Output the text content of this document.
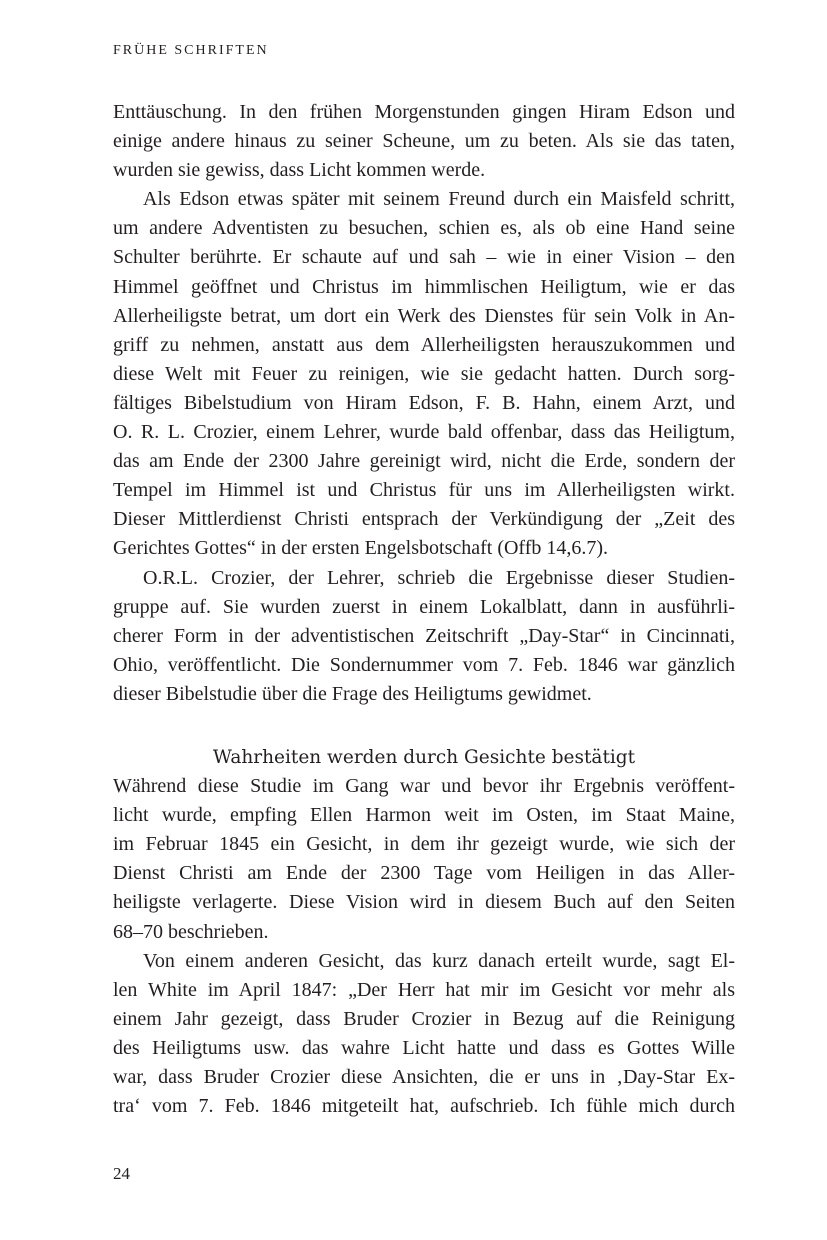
FRÜHE SCHRIFTEN
Enttäuschung. In den frühen Morgenstunden gingen Hiram Edson und
einige andere hinaus zu seiner Scheune, um zu beten. Als sie das taten,
wurden sie gewiss, dass Licht kommen werde.
Als Edson etwas später mit seinem Freund durch ein Maisfeld schritt,
um andere Adventisten zu besuchen, schien es, als ob eine Hand seine
Schulter berührte. Er schaute auf und sah – wie in einer Vision – den
Himmel geöffnet und Christus im himmlischen Heiligtum, wie er das
Allerheiligste betrat, um dort ein Werk des Dienstes für sein Volk in An-
griff zu nehmen, anstatt aus dem Allerheiligsten herauszukommen und
diese Welt mit Feuer zu reinigen, wie sie gedacht hatten. Durch sorg-
fältiges Bibelstudium von Hiram Edson, F. B. Hahn, einem Arzt, und
O. R. L. Crozier, einem Lehrer, wurde bald offenbar, dass das Heiligtum,
das am Ende der 2300 Jahre gereinigt wird, nicht die Erde, sondern der
Tempel im Himmel ist und Christus für uns im Allerheiligsten wirkt.
Dieser Mittlerdienst Christi entsprach der Verkündigung der „Zeit des
Gerichtes Gottes“ in der ersten Engelsbotschaft (Offb 14,6.7).
O.R.L. Crozier, der Lehrer, schrieb die Ergebnisse dieser Studien-
gruppe auf. Sie wurden zuerst in einem Lokalblatt, dann in ausführli-
cherer Form in der adventistischen Zeitschrift „Day-Star“ in Cincinnati,
Ohio, veröffentlicht. Die Sondernummer vom 7. Feb. 1846 war gänzlich
dieser Bibelstudie über die Frage des Heiligtums gewidmet.
Wahrheiten werden durch Gesichte bestätigt
Während diese Studie im Gang war und bevor ihr Ergebnis veröffent-
licht wurde, empfing Ellen Harmon weit im Osten, im Staat Maine,
im Februar 1845 ein Gesicht, in dem ihr gezeigt wurde, wie sich der
Dienst Christi am Ende der 2300 Tage vom Heiligen in das Aller-
heiligste verlagerte. Diese Vision wird in diesem Buch auf den Seiten
68–70 beschrieben.
Von einem anderen Gesicht, das kurz danach erteilt wurde, sagt El-
len White im April 1847: „Der Herr hat mir im Gesicht vor mehr als
einem Jahr gezeigt, dass Bruder Crozier in Bezug auf die Reinigung
des Heiligtums usw. das wahre Licht hatte und dass es Gottes Wille
war, dass Bruder Crozier diese Ansichten, die er uns in ‚Day-Star Ex-
tra‘ vom 7. Feb. 1846 mitgeteilt hat, aufschrieb. Ich fühle mich durch
24
